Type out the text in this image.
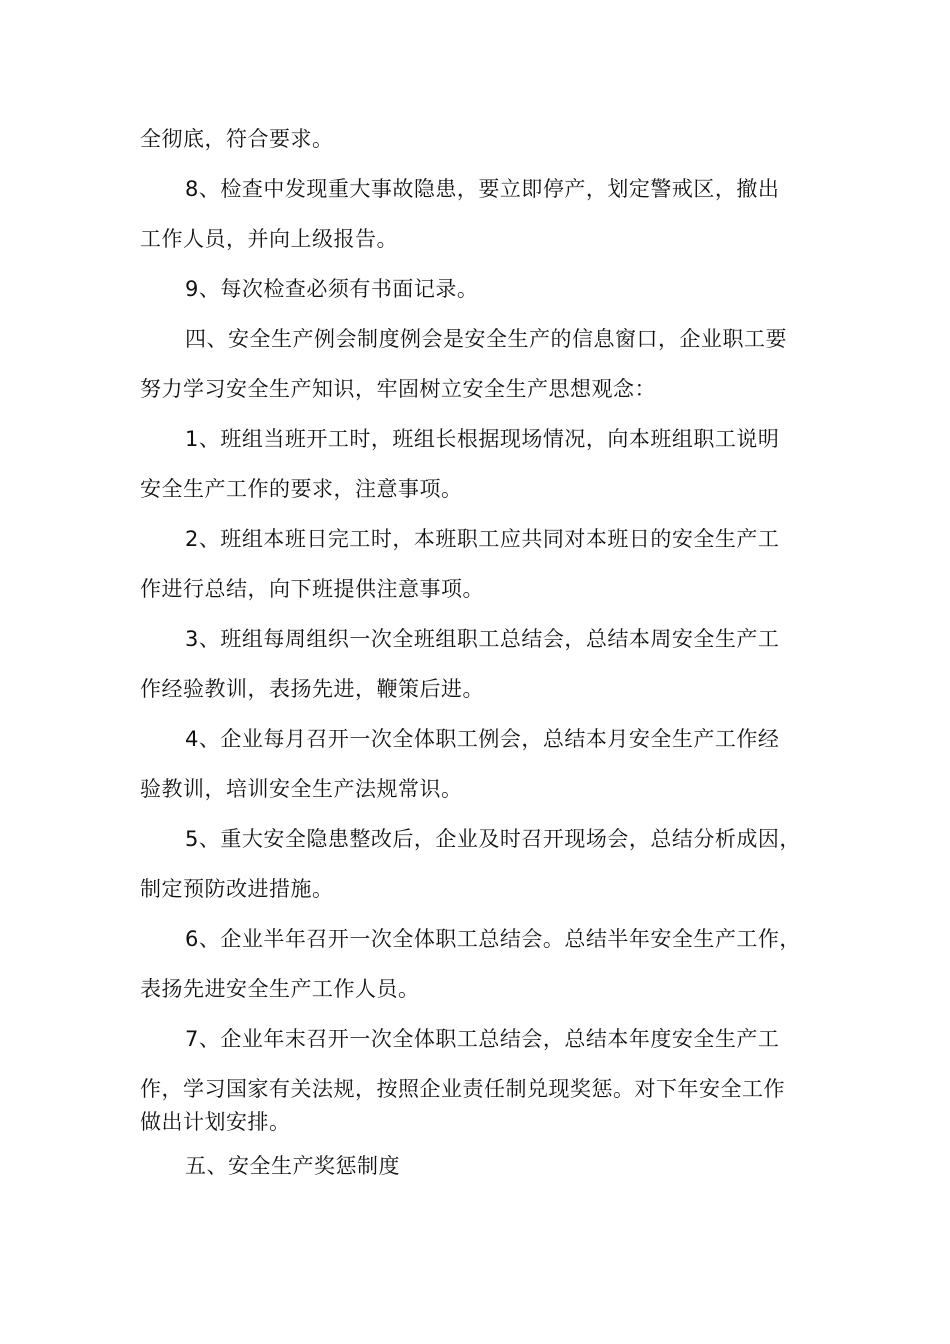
全彻底，符合要求。
8、检查中发现重大事故隐患，要立即停产，划定警戒区，撤出
工作人员，并向上级报告。
9、每次检查必须有书面记录。
四、安全生产例会制度例会是安全生产的信息窗口，企业职工要
努力学习安全生产知识，牢固树立安全生产思想观念：
1、班组当班开工时，班组长根据现场情况，向本班组职工说明
安全生产工作的要求，注意事项。
2、班组本班日完工时，本班职工应共同对本班日的安全生产工
作进行总结，向下班提供注意事项。
3、班组每周组织一次全班组职工总结会，总结本周安全生产工
作经验教训，表扬先进，鞭策后进。
4、企业每月召开一次全体职工例会，总结本月安全生产工作经
验教训，培训安全生产法规常识。
5、重大安全隐患整改后，企业及时召开现场会，总结分析成因，
制定预防改进措施。
6、企业半年召开一次全体职工总结会。总结半年安全生产工作，
表扬先进安全生产工作人员。
7、企业年末召开一次全体职工总结会，总结本年度安全生产工
作，学习国家有关法规，按照企业责任制兑现奖惩。对下年安全工作
做出计划安排。
五、安全生产奖惩制度
